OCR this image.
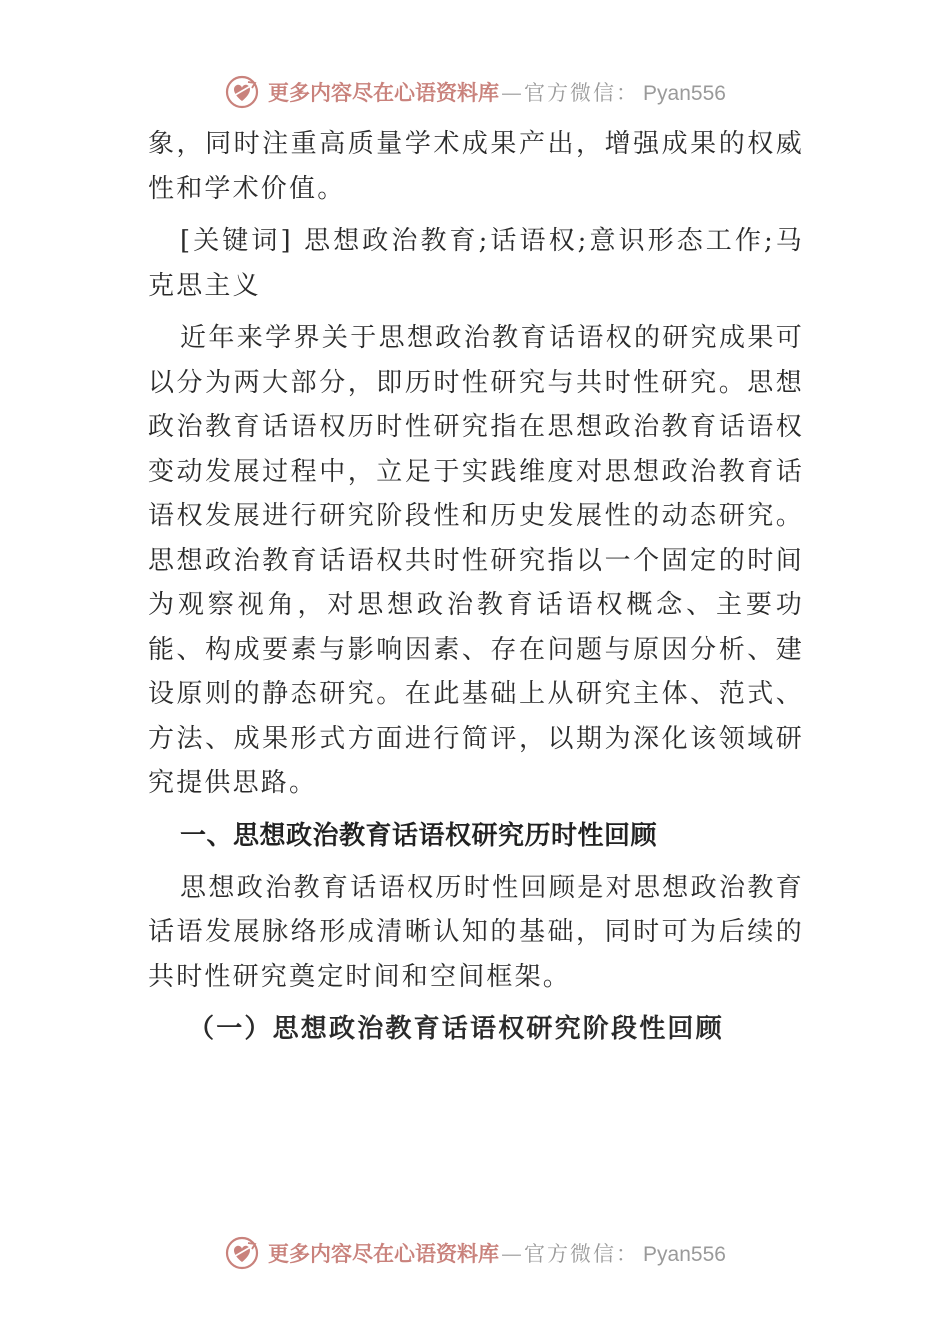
更多内容尽在心语资料库 — 官方微信： Pyan556

象，同时注重高质量学术成果产出，增强成果的权威性和学术价值。

[关键词] 思想政治教育;话语权;意识形态工作;马克思主义

近年来学界关于思想政治教育话语权的研究成果可以分为两大部分，即历时性研究与共时性研究。思想政治教育话语权历时性研究指在思想政治教育话语权变动发展过程中，立足于实践维度对思想政治教育话语权发展进行研究阶段性和历史发展性的动态研究。思想政治教育话语权共时性研究指以一个固定的时间为观察视角，对思想政治教育话语权概念、主要功能、构成要素与影响因素、存在问题与原因分析、建设原则的静态研究。在此基础上从研究主体、范式、方法、成果形式方面进行简评，以期为深化该领域研究提供思路。

一、思想政治教育话语权研究历时性回顾

思想政治教育话语权历时性回顾是对思想政治教育话语发展脉络形成清晰认知的基础，同时可为后续的共时性研究奠定时间和空间框架。

（一）思想政治教育话语权研究阶段性回顾
更多内容尽在心语资料库 — 官方微信： Pyan556
